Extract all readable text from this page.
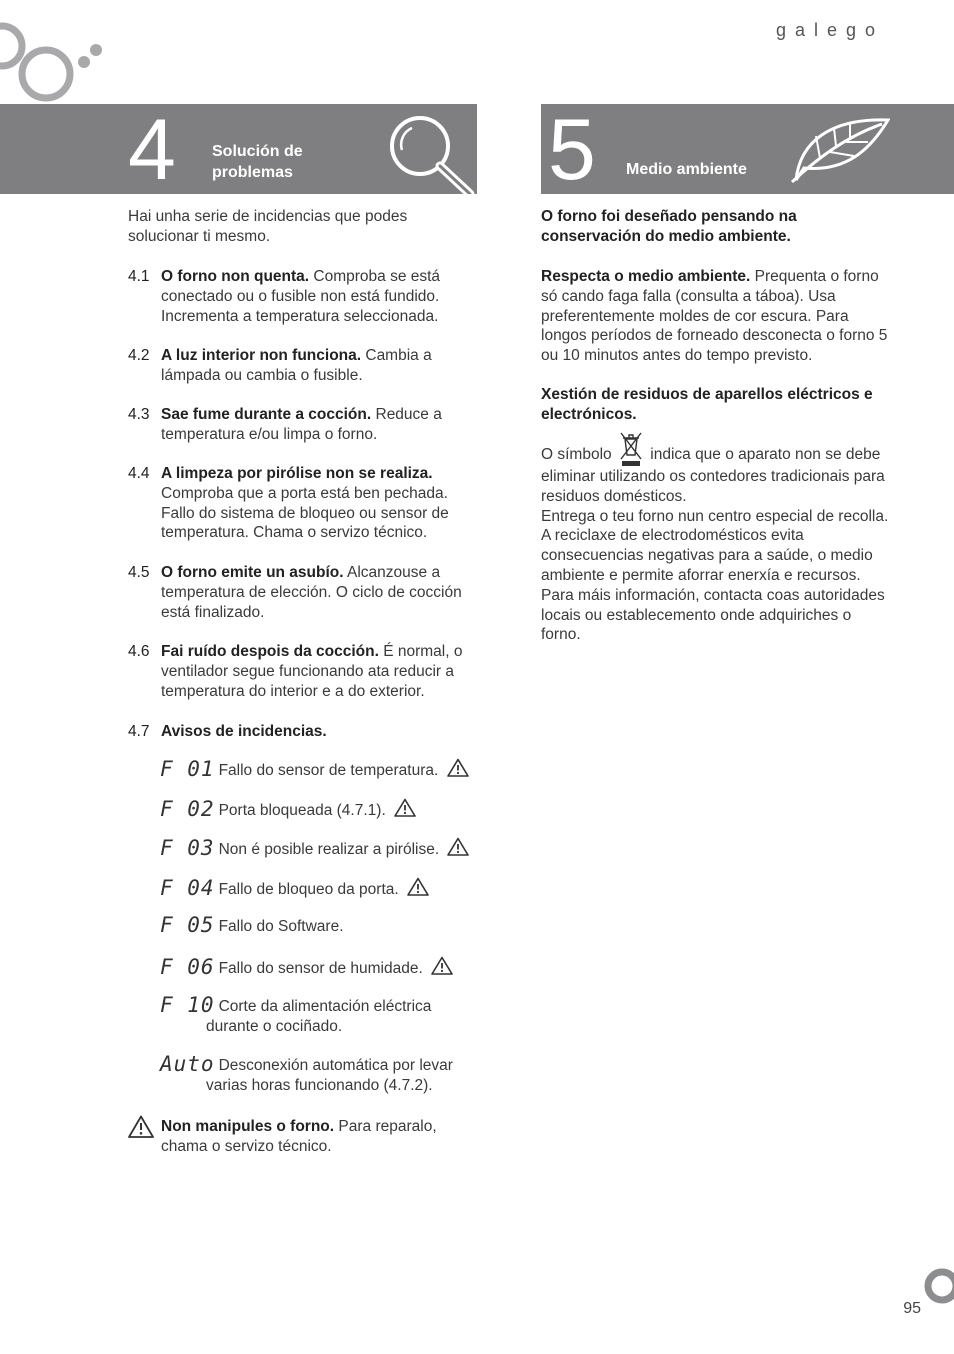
galego
4 Solución de
problemas	5 Medio ambiente
Hai unha serie de incidencias que podes solucionar ti mesmo.
4.1 O forno non quenta. Comproba se está conectado ou o fusible non está fundido. Incrementa a temperatura seleccionada.
4.2 A luz interior non funciona. Cambia a lámpada ou cambia o fusible.
4.3 Sae fume durante a cocción. Reduce a temperatura e/ou limpa o forno.
4.4 A limpeza por pirólise non se realiza. Comproba que a porta está ben pechada. Fallo do sistema de bloqueo ou sensor de temperatura. Chama o servizo técnico.
4.5 O forno emite un asubío. Alcanzouse a temperatura de elección. O ciclo de cocción está finalizado.
4.6 Fai ruído despois da cocción. É normal, o ventilador segue funcionando ata reducir a temperatura do interior e a do exterior.
4.7 Avisos de incidencias.
F 01 Fallo do sensor de temperatura.
F 02 Porta bloqueada (4.7.1).
F 03 Non é posible realizar a pirólise.
F 04 Fallo de bloqueo da porta.
F 05 Fallo do Software.
F 06 Fallo do sensor de humidade.
F 10 Corte da alimentación eléctrica
durante o cociñado.
Auto Desconexión automática por levar
varias horas funcionando (4.7.2).
Non manipules o forno. Para reparalo, chama o servizo técnico.
O forno foi deseñado pensando na conservación do medio ambiente.
Respecta o medio ambiente. Prequenta o forno só cando faga falla (consulta a táboa). Usa preferentemente moldes de cor escura. Para longos períodos de forneado desconecta o forno 5 ou 10 minutos antes do tempo previsto.
Xestión de residuos de aparellos eléctricos e electrónicos.
O símbolo  indica que o aparato non se debe eliminar utilizando os contedores tradicionais para residuos domésticos.
Entrega o teu forno nun centro especial de recolla.
A reciclaxe de electrodomésticos evita consecuencias negativas para a saúde, o medio ambiente e permite aforrar enerxía e recursos. Para máis información, contacta coas autoridades locais ou establecemento onde adquiriches o forno.
95
